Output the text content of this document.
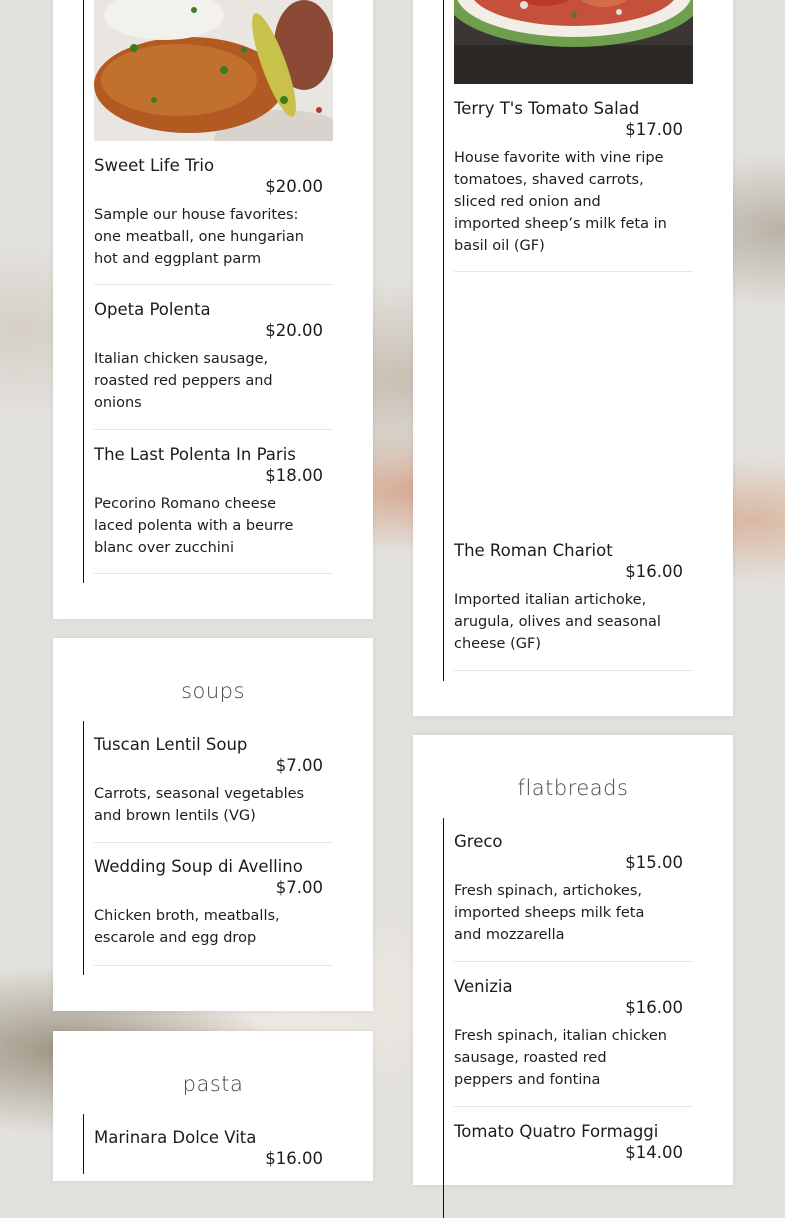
Sweet Life Trio
$20.00
Sample our house favorites: one meatball, one hungarian hot and eggplant parm
Opeta Polenta
$20.00
Italian chicken sausage, roasted red peppers and onions
The Last Polenta In Paris
$18.00
Pecorino Romano cheese laced polenta with a beurre blanc over zucchini
soups
Tuscan Lentil Soup
$7.00
Carrots, seasonal vegetables and brown lentils (VG)
Wedding Soup di Avellino
$7.00
Chicken broth, meatballs, escarole and egg drop
pasta
Marinara Dolce Vita
$16.00
Terry T's Tomato Salad
$17.00
House favorite with vine ripe tomatoes, shaved carrots, sliced red onion and imported sheep’s milk feta in basil oil (GF)
The Roman Chariot
$16.00
Imported italian artichoke, arugula, olives and seasonal cheese (GF)
flatbreads
Greco
$15.00
Fresh spinach, artichokes, imported sheeps milk feta and mozzarella
Venizia
$16.00
Fresh spinach, italian chicken sausage, roasted red peppers and fontina
Tomato Quatro Formaggi
$14.00
